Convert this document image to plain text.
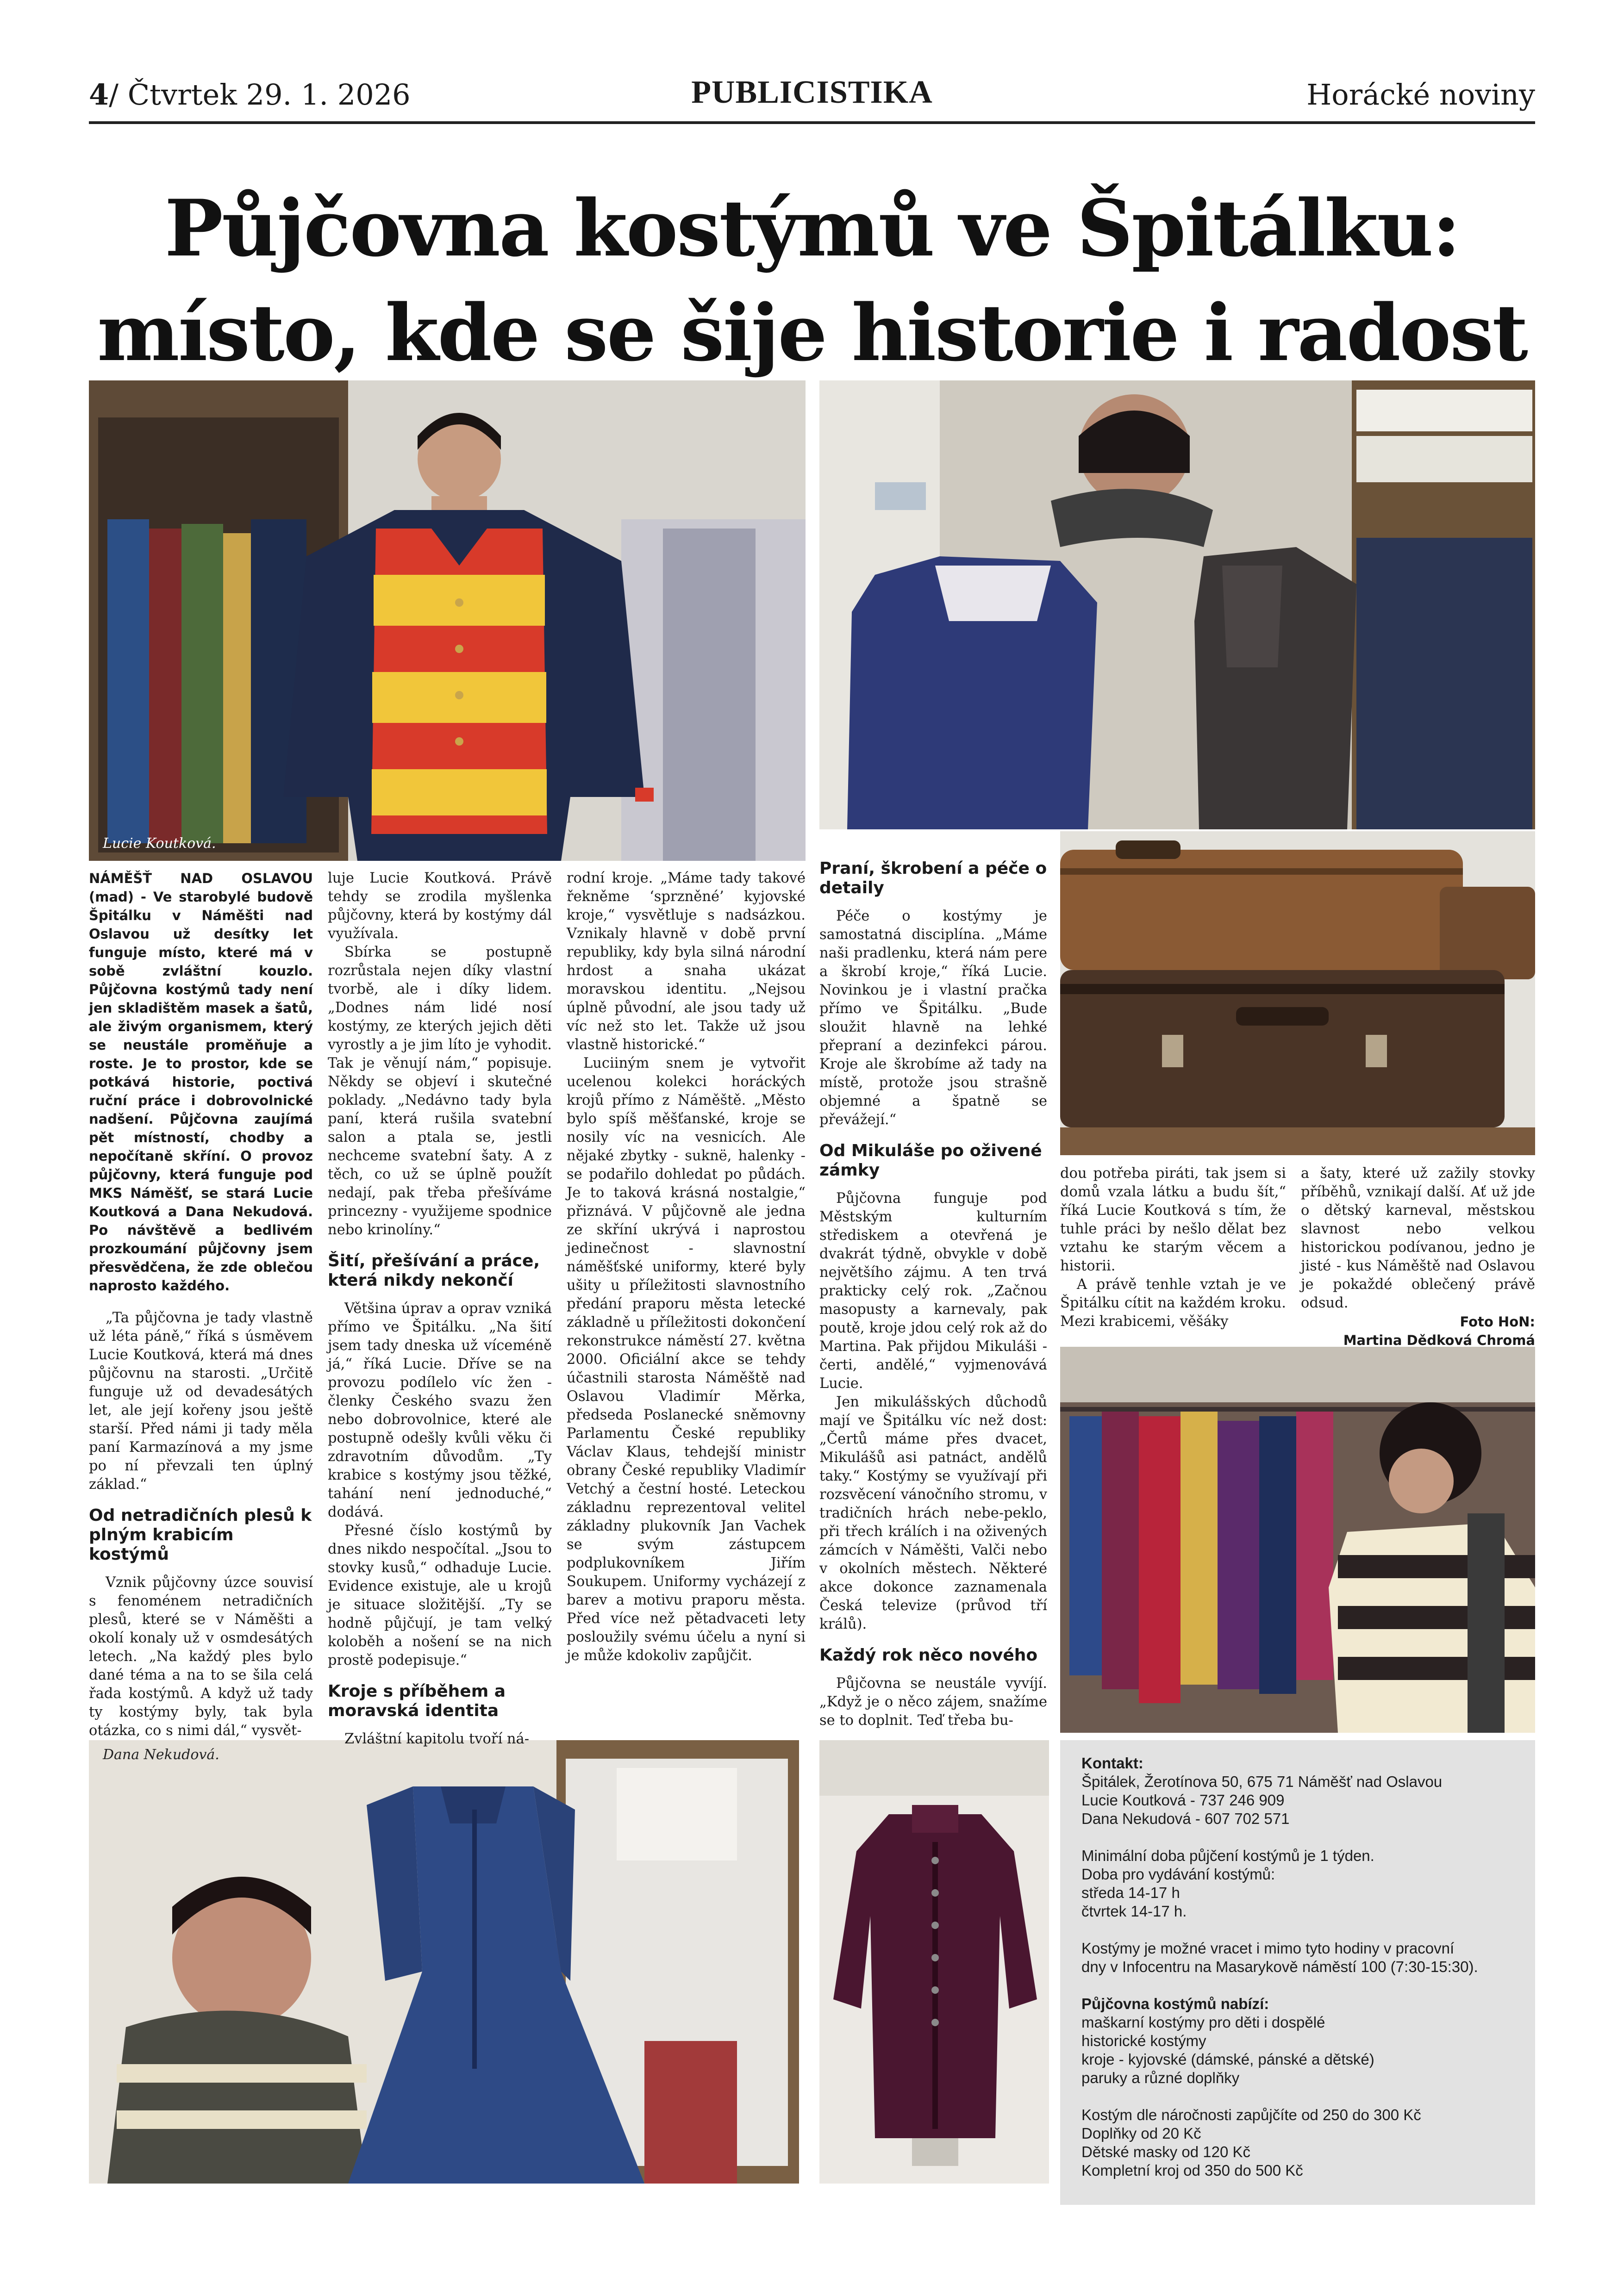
4/ Čtvrtek 29. 1. 2026	PUBLICISTIKA	Horácké noviny
Půjčovna kostýmů ve Špitálku:
místo, kde se šije historie i radost
Lucie Koutková.
Dana Nekudová.

NÁMĚŠŤ NAD OSLAVOU (mad) - Ve starobylé budově Špitálku v Náměšti nad Oslavou už desítky let funguje místo, které má v sobě zvláštní kouzlo. Půjčovna kostýmů tady není jen skladištěm masek a šatů, ale živým organismem, který se neustále proměňuje a roste. Je to prostor, kde se potkává historie, poctivá ruční práce i dobrovolnické nadšení. Půjčovna zaujímá pět místností, chodby a nepočítaně skříní. O provoz půjčovny, která funguje pod MKS Náměšť, se stará Lucie Koutková a Dana Nekudová. Po návštěvě a bedlivém prozkoumání půjčovny jsem přesvědčena, že zde oblečou naprosto každého.

„Ta půjčovna je tady vlastně už léta páně,“ říká s úsměvem Lucie Koutková, která má dnes půjčovnu na starosti. „Určitě funguje už od devadesátých let, ale její kořeny jsou ještě starší. Před námi ji tady měla paní Karmazínová a my jsme po ní převzali ten úplný základ.“

Od netradičních plesů k plným krabicím kostýmů

Vznik půjčovny úzce souvisí s fenoménem netradičních plesů, které se v Náměšti a okolí konaly už v osmdesátých letech. „Na každý ples bylo dané téma a na to se šila celá řada kostýmů. A když už tady ty kostýmy byly, tak byla otázka, co s nimi dál,“ vysvět-

luje Lucie Koutková. Právě tehdy se zrodila myšlenka půjčovny, která by kostýmy dál využívala.

Sbírka se postupně rozrůstala nejen díky vlastní tvorbě, ale i díky lidem. „Dodnes nám lidé nosí kostýmy, ze kterých jejich děti vyrostly a je jim líto je vyhodit. Tak je věnují nám,“ popisuje. Někdy se objeví i skutečné poklady. „Nedávno tady byla paní, která rušila svatební salon a ptala se, jestli nechceme svatební šaty. A z těch, co už se úplně použít nedají, pak třeba přešíváme princezny - využijeme spodnice nebo krinolíny.“

Šití, přešívání a práce, která nikdy nekončí

Většina úprav a oprav vzniká přímo ve Špitálku. „Na šití jsem tady dneska už víceméně já,“ říká Lucie. Dříve se na provozu podílelo víc žen - členky Českého svazu žen nebo dobrovolnice, které ale postupně odešly kvůli věku či zdravotním důvodům. „Ty krabice s kostýmy jsou těžké, tahání není jednoduché,“ dodává.

Přesné číslo kostýmů by dnes nikdo nespočítal. „Jsou to stovky kusů,“ odhaduje Lucie. Evidence existuje, ale u krojů je situace složitější. „Ty se hodně půjčují, je tam velký koloběh a nošení se na nich prostě podepisuje.“

Kroje s příběhem a moravská identita

Zvláštní kapitolu tvoří ná-

rodní kroje. „Máme tady takové řekněme ‘sprzněné’ kyjovské kroje,“ vysvětluje s nadsázkou. Vznikaly hlavně v době první republiky, kdy byla silná národní hrdost a snaha ukázat moravskou identitu. „Nejsou úplně původní, ale jsou tady už víc než sto let. Takže už jsou vlastně historické.“

Luciiným snem je vytvořit ucelenou kolekci horáckých krojů přímo z Náměště. „Město bylo spíš měšťanské, kroje se nosily víc na vesnicích. Ale nějaké zbytky - suknë, halenky - se podařilo dohledat po půdách. Je to taková krásná nostalgie,“ přiznává. V půjčovně ale jedna ze skříní ukrývá i naprostou jedinečnost - slavnostní náměšťské uniformy, které byly ušity u příležitosti slavnostního předání praporu města letecké základně u příležitosti dokončení rekonstrukce náměstí 27. května 2000. Oficiální akce se tehdy účastnili starosta Náměště nad Oslavou Vladimír Měrka, předseda Poslanecké sněmovny Parlamentu České republiky Václav Klaus, tehdejší ministr obrany České republiky Vladimír Vetchý a čestní hosté. Leteckou základnu reprezentoval velitel základny plukovník Jan Vachek se svým zástupcem podplukovníkem Jiřím Soukupem. Uniformy vycházejí z barev a motivu praporu města. Před více než pětadvaceti lety posloužily svému účelu a nyní si je může kdokoliv zapůjčit.

Praní, škrobení a péče o detaily

Péče o kostýmy je samostatná disciplína. „Máme naši pradlenku, která nám pere a škrobí kroje,“ říká Lucie. Novinkou je i vlastní pračka přímo ve Špitálku. „Bude sloužit hlavně na lehké přepraní a dezinfekci párou. Kroje ale škrobíme až tady na místě, protože jsou strašně objemné a špatně se převážejí.“

Od Mikuláše po oživené zámky

Půjčovna funguje pod Městským kulturním střediskem a otevřená je dvakrát týdně, obvykle v době největšího zájmu. A ten trvá prakticky celý rok. „Začnou masopusty a karnevaly, pak poutě, kroje jdou celý rok až do Martina. Pak přijdou Mikuláši - čerti, andělé,“ vyjmenovává Lucie.

Jen mikulášských důchodů mají ve Špitálku víc než dost: „Čertů máme přes dvacet, Mikulášů asi patnáct, andělů taky.“ Kostýmy se využívají při rozsvěcení vánočního stromu, v tradičních hrách nebe-peklo, při třech králích i na oživených zámcích v Náměšti, Valči nebo v okolních městech. Některé akce dokonce zaznamenala Česká televize (průvod tří králů).

Každý rok něco nového

Půjčovna se neustále vyvíjí. „Když je o něco zájem, snažíme se to doplnit. Teď třeba bu-

dou potřeba piráti, tak jsem si domů vzala látku a budu šít,“ říká Lucie Koutková s tím, že tuhle práci by nešlo dělat bez vztahu ke starým věcem a historii.

A právě tenhle vztah je ve Špitálku cítit na každém kroku. Mezi krabicemi, věšáky

a šaty, které už zažily stovky příběhů, vznikají další. Ať už jde o dětský karneval, městskou slavnost nebo velkou historickou podívanou, jedno je jisté - kus Náměště nad Oslavou je pokaždé oblečený právě odsud.

Foto HoN:

Martina Dědková Chromá

Kontakt:
Špitálek, Žerotínova 50, 675 71 Náměšť nad Oslavou
Lucie Koutková - 737 246 909
Dana Nekudová - 607 702 571
Minimální doba půjčení kostýmů je 1 týden.
Doba pro vydávání kostýmů:
středa 14-17 h
čtvrtek 14-17 h.
Kostýmy je možné vracet i mimo tyto hodiny v pracovní
dny v Infocentru na Masarykově náměstí 100 (7:30-15:30).
Půjčovna kostýmů nabízí:
maškarní kostýmy pro děti i dospělé
historické kostýmy
kroje - kyjovské (dámské, pánské a dětské)
paruky a různé doplňky
Kostým dle náročnosti zapůjčíte od 250 do 300 Kč
Doplňky od 20 Kč
Dětské masky od 120 Kč
Kompletní kroj od 350 do 500 Kč
